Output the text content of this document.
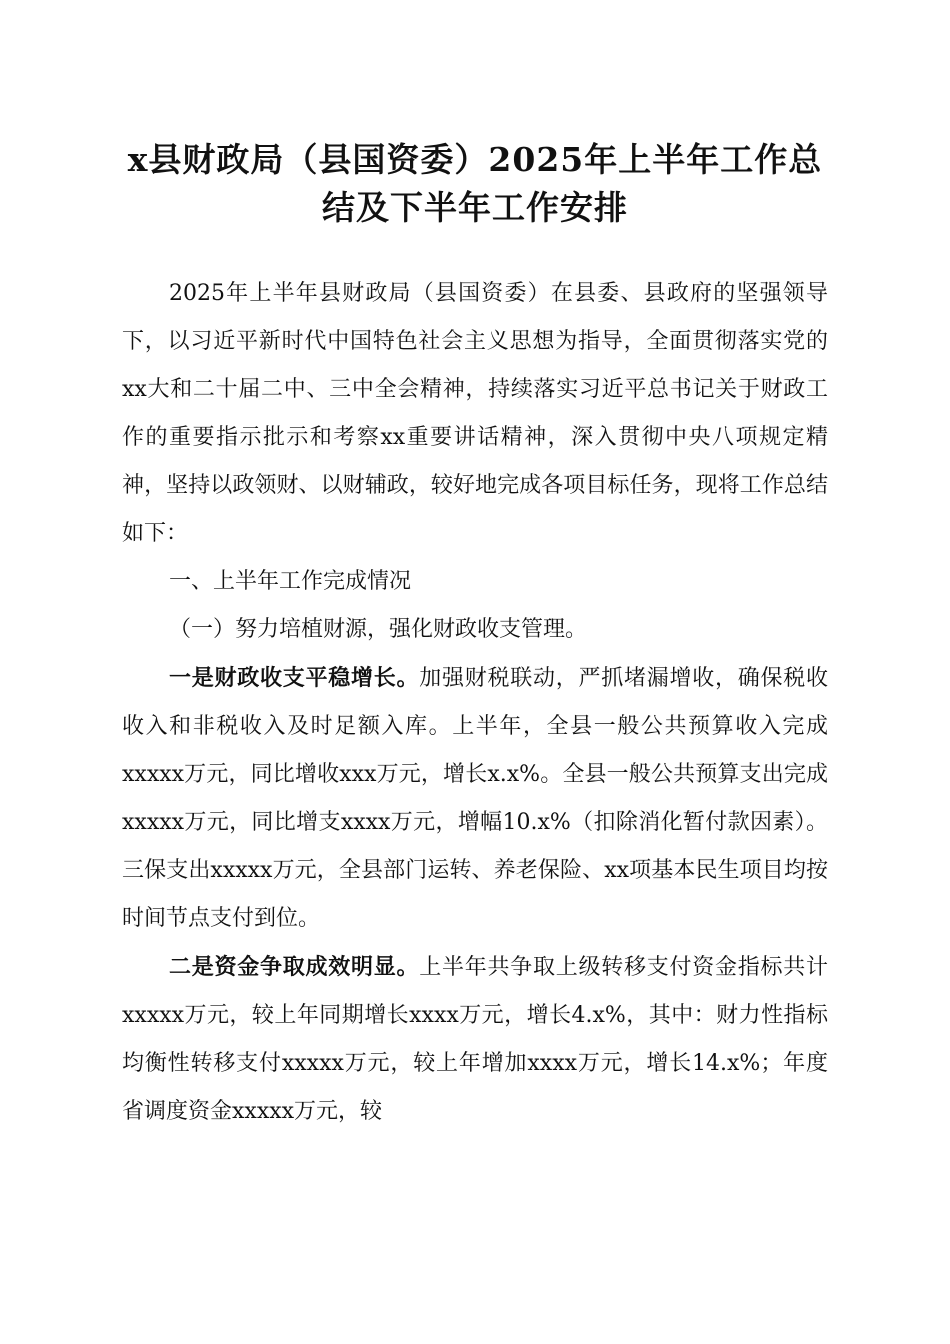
x县财政局（县国资委）2025年上半年工作总
结及下半年工作安排

2025年上半年县财政局（县国资委）在县委、县政府的坚强领导下，以习近平新时代中国特色社会主义思想为指导，全面贯彻落实党的xx大和二十届二中、三中全会精神，持续落实习近平总书记关于财政工作的重要指示批示和考察xx重要讲话精神，深入贯彻中央八项规定精神，坚持以政领财、以财辅政，较好地完成各项目标任务，现将工作总结如下：

一、上半年工作完成情况

（一）努力培植财源，强化财政收支管理。

一是财政收支平稳增长。加强财税联动，严抓堵漏增收，确保税收收入和非税收入及时足额入库。上半年，全县一般公共预算收入完成xxxxx万元，同比增收xxx万元，增长x.x%。全县一般公共预算支出完成xxxxx万元，同比增支xxxx万元，增幅10.x%（扣除消化暂付款因素）。三保支出xxxxx万元，全县部门运转、养老保险、xx项基本民生项目均按时间节点支付到位。

二是资金争取成效明显。上半年共争取上级转移支付资金指标共计xxxxx万元，较上年同期增长xxxx万元，增长4.x%，其中：财力性指标均衡性转移支付xxxxx万元，较上年增加xxxx万元，增长14.x%；年度省调度资金xxxxx万元，较
